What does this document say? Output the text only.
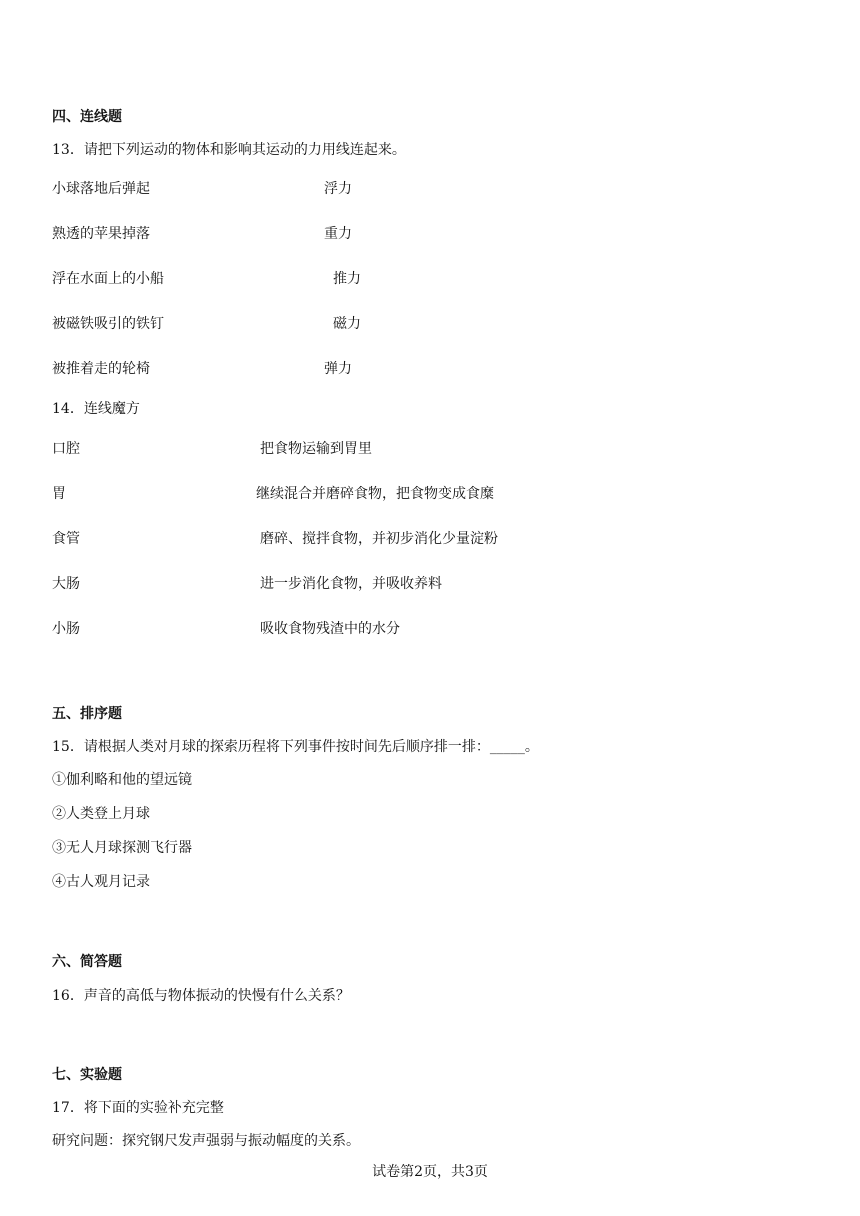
四、连线题
13．请把下列运动的物体和影响其运动的力用线连起来。
小球落地后弹起
熟透的苹果掉落
浮在水面上的小船
被磁铁吸引的铁钉
被推着走的轮椅
浮力
重力
推力
磁力
弹力
14．连线魔方
口腔
胃
食管
大肠
小肠
把食物运输到胃里
继续混合并磨碎食物，把食物变成食糜
磨碎、搅拌食物，并初步消化少量淀粉
进一步消化食物，并吸收养料
吸收食物残渣中的水分
五、排序题
15．请根据人类对月球的探索历程将下列事件按时间先后顺序排一排：_____。
①伽利略和他的望远镜
②人类登上月球
③无人月球探测飞行器
④古人观月记录
六、简答题
16．声音的高低与物体振动的快慢有什么关系？
七、实验题
17．将下面的实验补充完整
研究问题：探究钢尺发声强弱与振动幅度的关系。
试卷第2页，共3页
